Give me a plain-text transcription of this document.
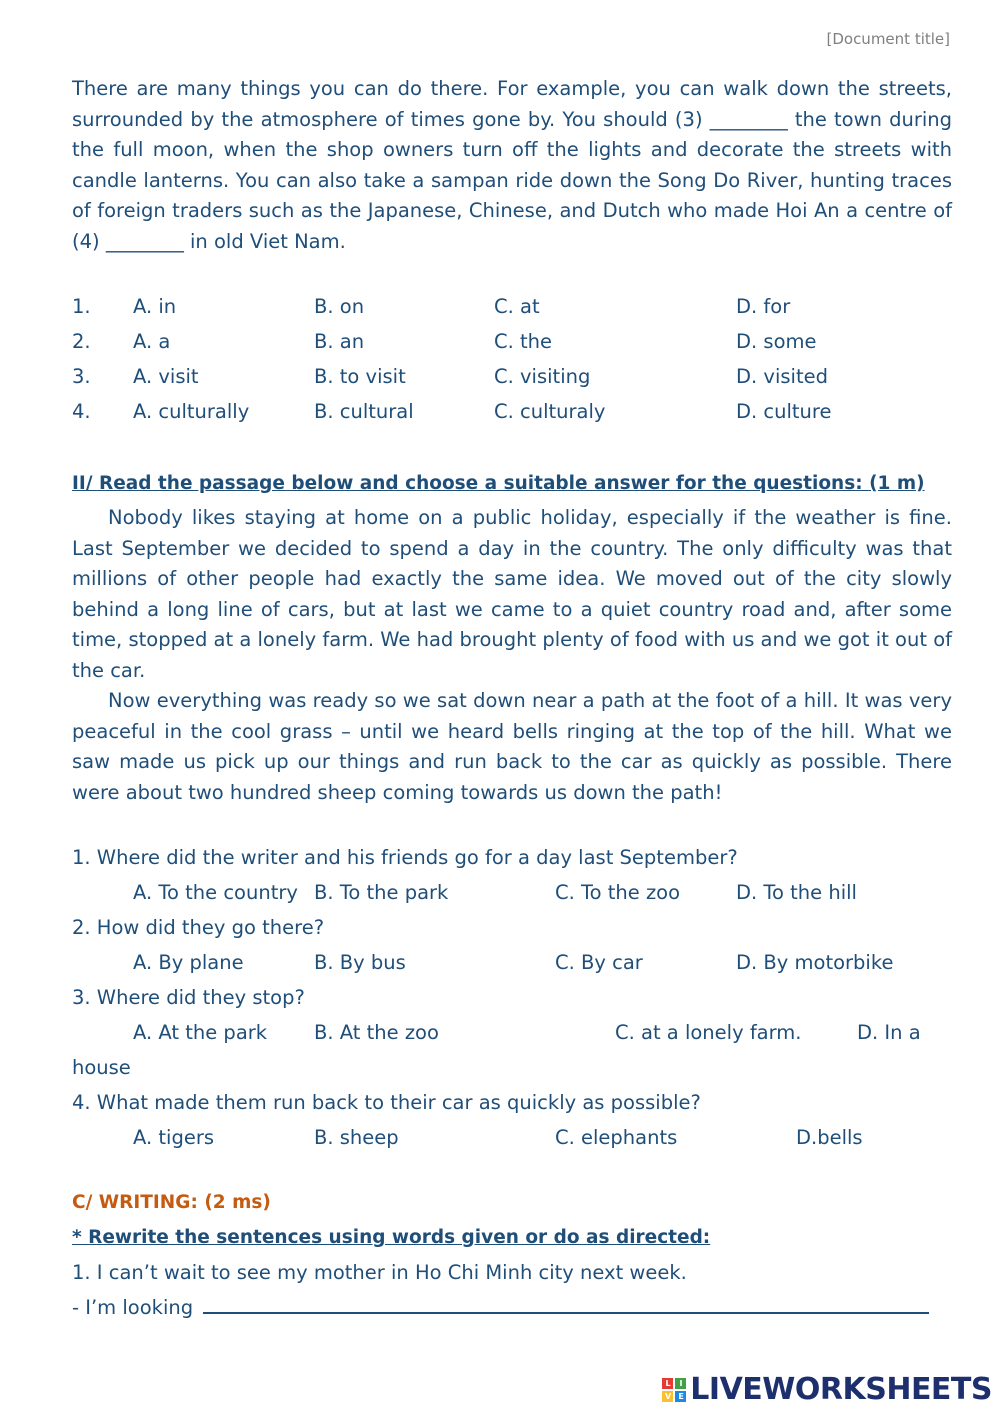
[Document title]

There are many things you can do there. For example, you can walk down the streets, surrounded by the atmosphere of times gone by. You should (3) ________ the town during the full moon, when the shop owners turn off the lights and decorate the streets with candle lanterns. You can also take a sampan ride down the Song Do River, hunting traces of foreign traders such as the Japanese, Chinese, and Dutch who made Hoi An a centre of (4) ________ in old Viet Nam.

1. A. in	B. on	C. at	D. for
2. A. a	B. an	C. the	D. some
3. A. visit	B. to visit	C. visiting	D. visited
4. A. culturally	B. cultural	C. culturaly	D. culture

II/ Read the passage below and choose a suitable answer for the questions: (1 m)

Nobody likes staying at home on a public holiday, especially if the weather is fine. Last September we decided to spend a day in the country. The only difficulty was that millions of other people had exactly the same idea. We moved out of the city slowly behind a long line of cars, but at last we came to a quiet country road and, after some time, stopped at a lonely farm. We had brought plenty of food with us and we got it out of the car.

Now everything was ready so we sat down near a path at the foot of a hill. It was very peaceful in the cool grass – until we heard bells ringing at the top of the hill. What we saw made us pick up our things and run back to the car as quickly as possible. There were about two hundred sheep coming towards us down the path!

1. Where did the writer and his friends go for a day last September?

A. To the country B. To the park	C. To the zoo	D. To the hill

2. How did they go there?

A. By plane	B. By bus	C. By car	D. By motorbike

3. Where did they stop?

A. At the park B. At the zoo	C. at a lonely farm.	D. In a

house

4. What made them run back to their car as quickly as possible?

A. tigers	B. sheep	C. elephants	D.bells

C/ WRITING: (2 ms)

* Rewrite the sentences using words given or do as directed:

1. I can’t wait to see my mother in Ho Chi Minh city next week.

- I’m looking

L	I
V E LIVEWORKSHEETS
